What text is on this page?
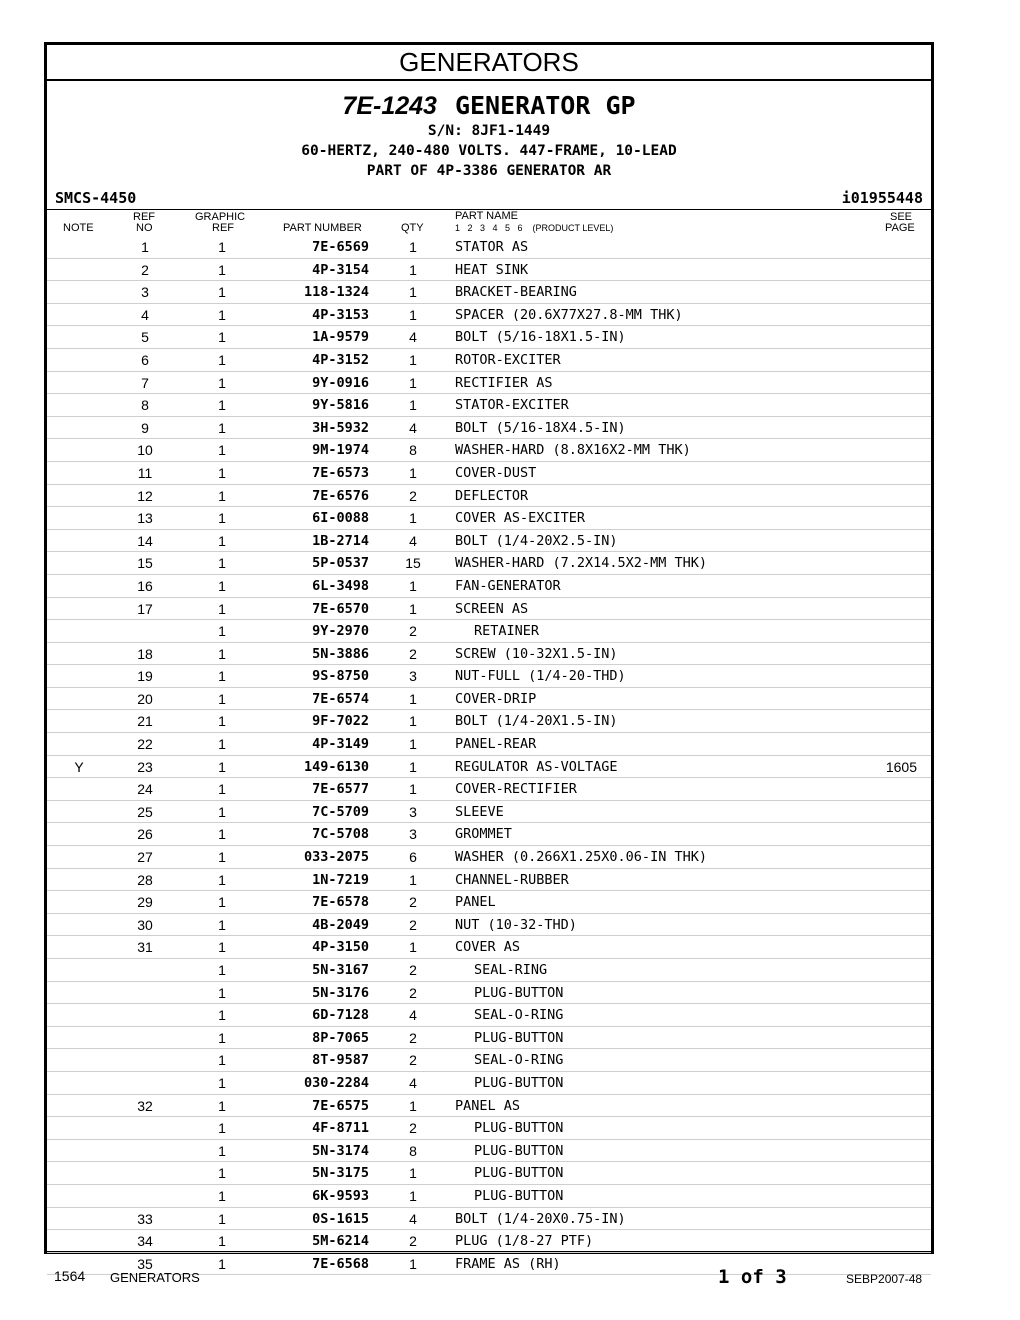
GENERATORS
7E-1243 GENERATOR GP
S/N: 8JF1-1449
60-HERTZ, 240-480 VOLTS. 447-FRAME, 10-LEAD
PART OF 4P-3386 GENERATOR AR
SMCS-4450	i01955448
NOTE
REF
NO
GRAPHIC
REF	PART NUMBER	QTY
PART NAME
1   2   3   4   5   6    (PRODUCT LEVEL)
SEE
PAGE
1	1	7E-6569	1	STATOR AS
2	1	4P-3154	1	HEAT SINK
3	1	118-1324	1	BRACKET-BEARING
4	1	4P-3153	1	SPACER (20.6X77X27.8-MM THK)
5	1	1A-9579	4	BOLT (5/16-18X1.5-IN)
6	1	4P-3152	1	ROTOR-EXCITER
7	1	9Y-0916	1	RECTIFIER AS
8	1	9Y-5816	1	STATOR-EXCITER
9	1	3H-5932	4	BOLT (5/16-18X4.5-IN)
10	1	9M-1974	8	WASHER-HARD (8.8X16X2-MM THK)
11	1	7E-6573	1	COVER-DUST
12	1	7E-6576	2	DEFLECTOR
13	1	6I-0088	1	COVER AS-EXCITER
14	1	1B-2714	4	BOLT (1/4-20X2.5-IN)
15	1	5P-0537	15	WASHER-HARD (7.2X14.5X2-MM THK)
16	1	6L-3498	1	FAN-GENERATOR
17	1	7E-6570	1	SCREEN AS
1	9Y-2970	2	RETAINER
18	1	5N-3886	2	SCREW (10-32X1.5-IN)
19	1	9S-8750	3	NUT-FULL (1/4-20-THD)
20	1	7E-6574	1	COVER-DRIP
21	1	9F-7022	1	BOLT (1/4-20X1.5-IN)
22	1	4P-3149	1	PANEL-REAR
Y	23	1	149-6130	1	REGULATOR AS-VOLTAGE	1605
24	1	7E-6577	1	COVER-RECTIFIER
25	1	7C-5709	3	SLEEVE
26	1	7C-5708	3	GROMMET
27	1	033-2075	6	WASHER (0.266X1.25X0.06-IN THK)
28	1	1N-7219	1	CHANNEL-RUBBER
29	1	7E-6578	2	PANEL
30	1	4B-2049	2	NUT (10-32-THD)
31	1	4P-3150	1	COVER AS
1	5N-3167	2	SEAL-RING
1	5N-3176	2	PLUG-BUTTON
1	6D-7128	4	SEAL-O-RING
1	8P-7065	2	PLUG-BUTTON
1	8T-9587	2	SEAL-O-RING
1	030-2284	4	PLUG-BUTTON
32	1	7E-6575	1	PANEL AS
1	4F-8711	2	PLUG-BUTTON
1	5N-3174	8	PLUG-BUTTON
1	5N-3175	1	PLUG-BUTTON
1	6K-9593	1	PLUG-BUTTON
33	1	0S-1615	4	BOLT (1/4-20X0.75-IN)
34	1	5M-6214	2	PLUG (1/8-27 PTF)
35	1	7E-6568	1	FRAME AS (RH)
1564 GENERATORS	1 of 3	SEBP2007-48
